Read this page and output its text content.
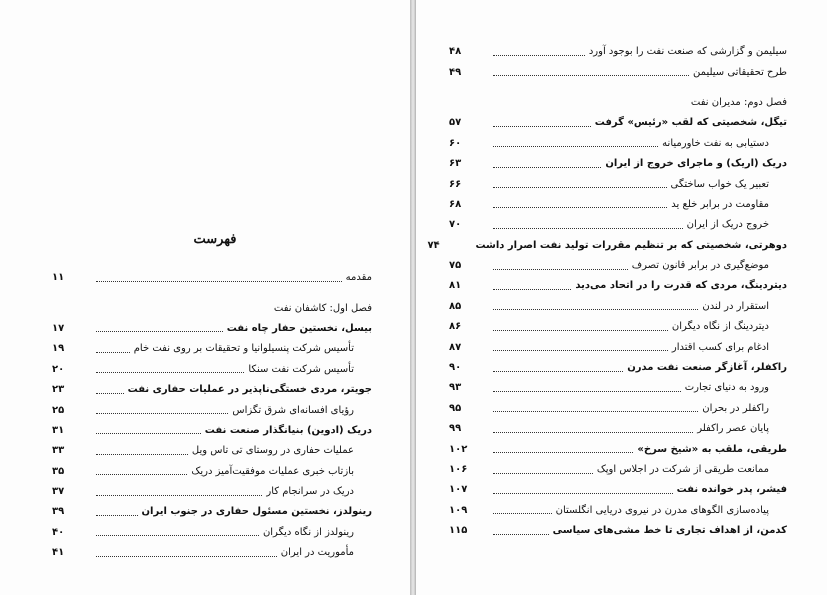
فهرست
مقدمه
۱۱
فصل اول: کاشفان نفت
بیسل، نخستین حفار چاه نفت
۱۷
تأسیس شرکت پنسیلوانیا و تحقیقات بر روی نفت خام
۱۹
تأسیس شرکت نفت سنکا
۲۰
جویتر، مردی خستگی‌ناپذیر در عملیات حفاری نفت
۲۳
رؤیای افسانه‌ای شرق تگزاس
۲۵
دریک (ادوین) بنیانگذار صنعت نفت
۳۱
عملیات حفاری در روستای تی تاس ویل
۳۳
بازتاب خبری عملیات موفقیت‌آمیز دریک
۳۵
دریک در سرانجام کار
۳۷
رینولدز، نخستین مسئول حفاری در جنوب ایران
۳۹
رینولدز از نگاه دیگران
۴۰
مأموریت در ایران
۴۱
سیلیمن و گزارشی که صنعت نفت را بوجود آورد
۴۸
طرح تحقیقاتی سیلیمن
۴۹
فصل دوم: مدیران نفت
تیگل، شخصیتی که لقب «رئیس» گرفت
۵۷
دستیابی به نفت خاورمیانه
۶۰
دریک (اریک) و ماجرای خروج از ایران
۶۳
تعبیر یک خواب ساختگی
۶۶
مقاومت در برابر خلع ید
۶۸
خروج دریک از ایران
۷۰
دوهرتی، شخصیتی که بر تنظیم مقررات تولید نفت اصرار داشت
۷۴
موضع‌گیری در برابر قانون تصرف
۷۵
دیتردینگ، مردی که قدرت را در اتحاد می‌دید
۸۱
استقرار در لندن
۸۵
دیتردینگ از نگاه دیگران
۸۶
ادغام برای کسب اقتدار
۸۷
راکفلر، آغازگر صنعت نفت مدرن
۹۰
ورود به دنیای تجارت
۹۳
راکفلر در بحران
۹۵
پایان عصر راکفلر
۹۹
طریقی، ملقب به «شیخ سرخ»
۱۰۲
ممانعت طریقی از شرکت در اجلاس اوپک
۱۰۶
فیشر، پدر خوانده نفت
۱۰۷
پیاده‌سازی الگوهای مدرن در نیروی دریایی انگلستان
۱۰۹
کدمن، از اهداف تجاری تا خط مشی‌های سیاسی
۱۱۵
